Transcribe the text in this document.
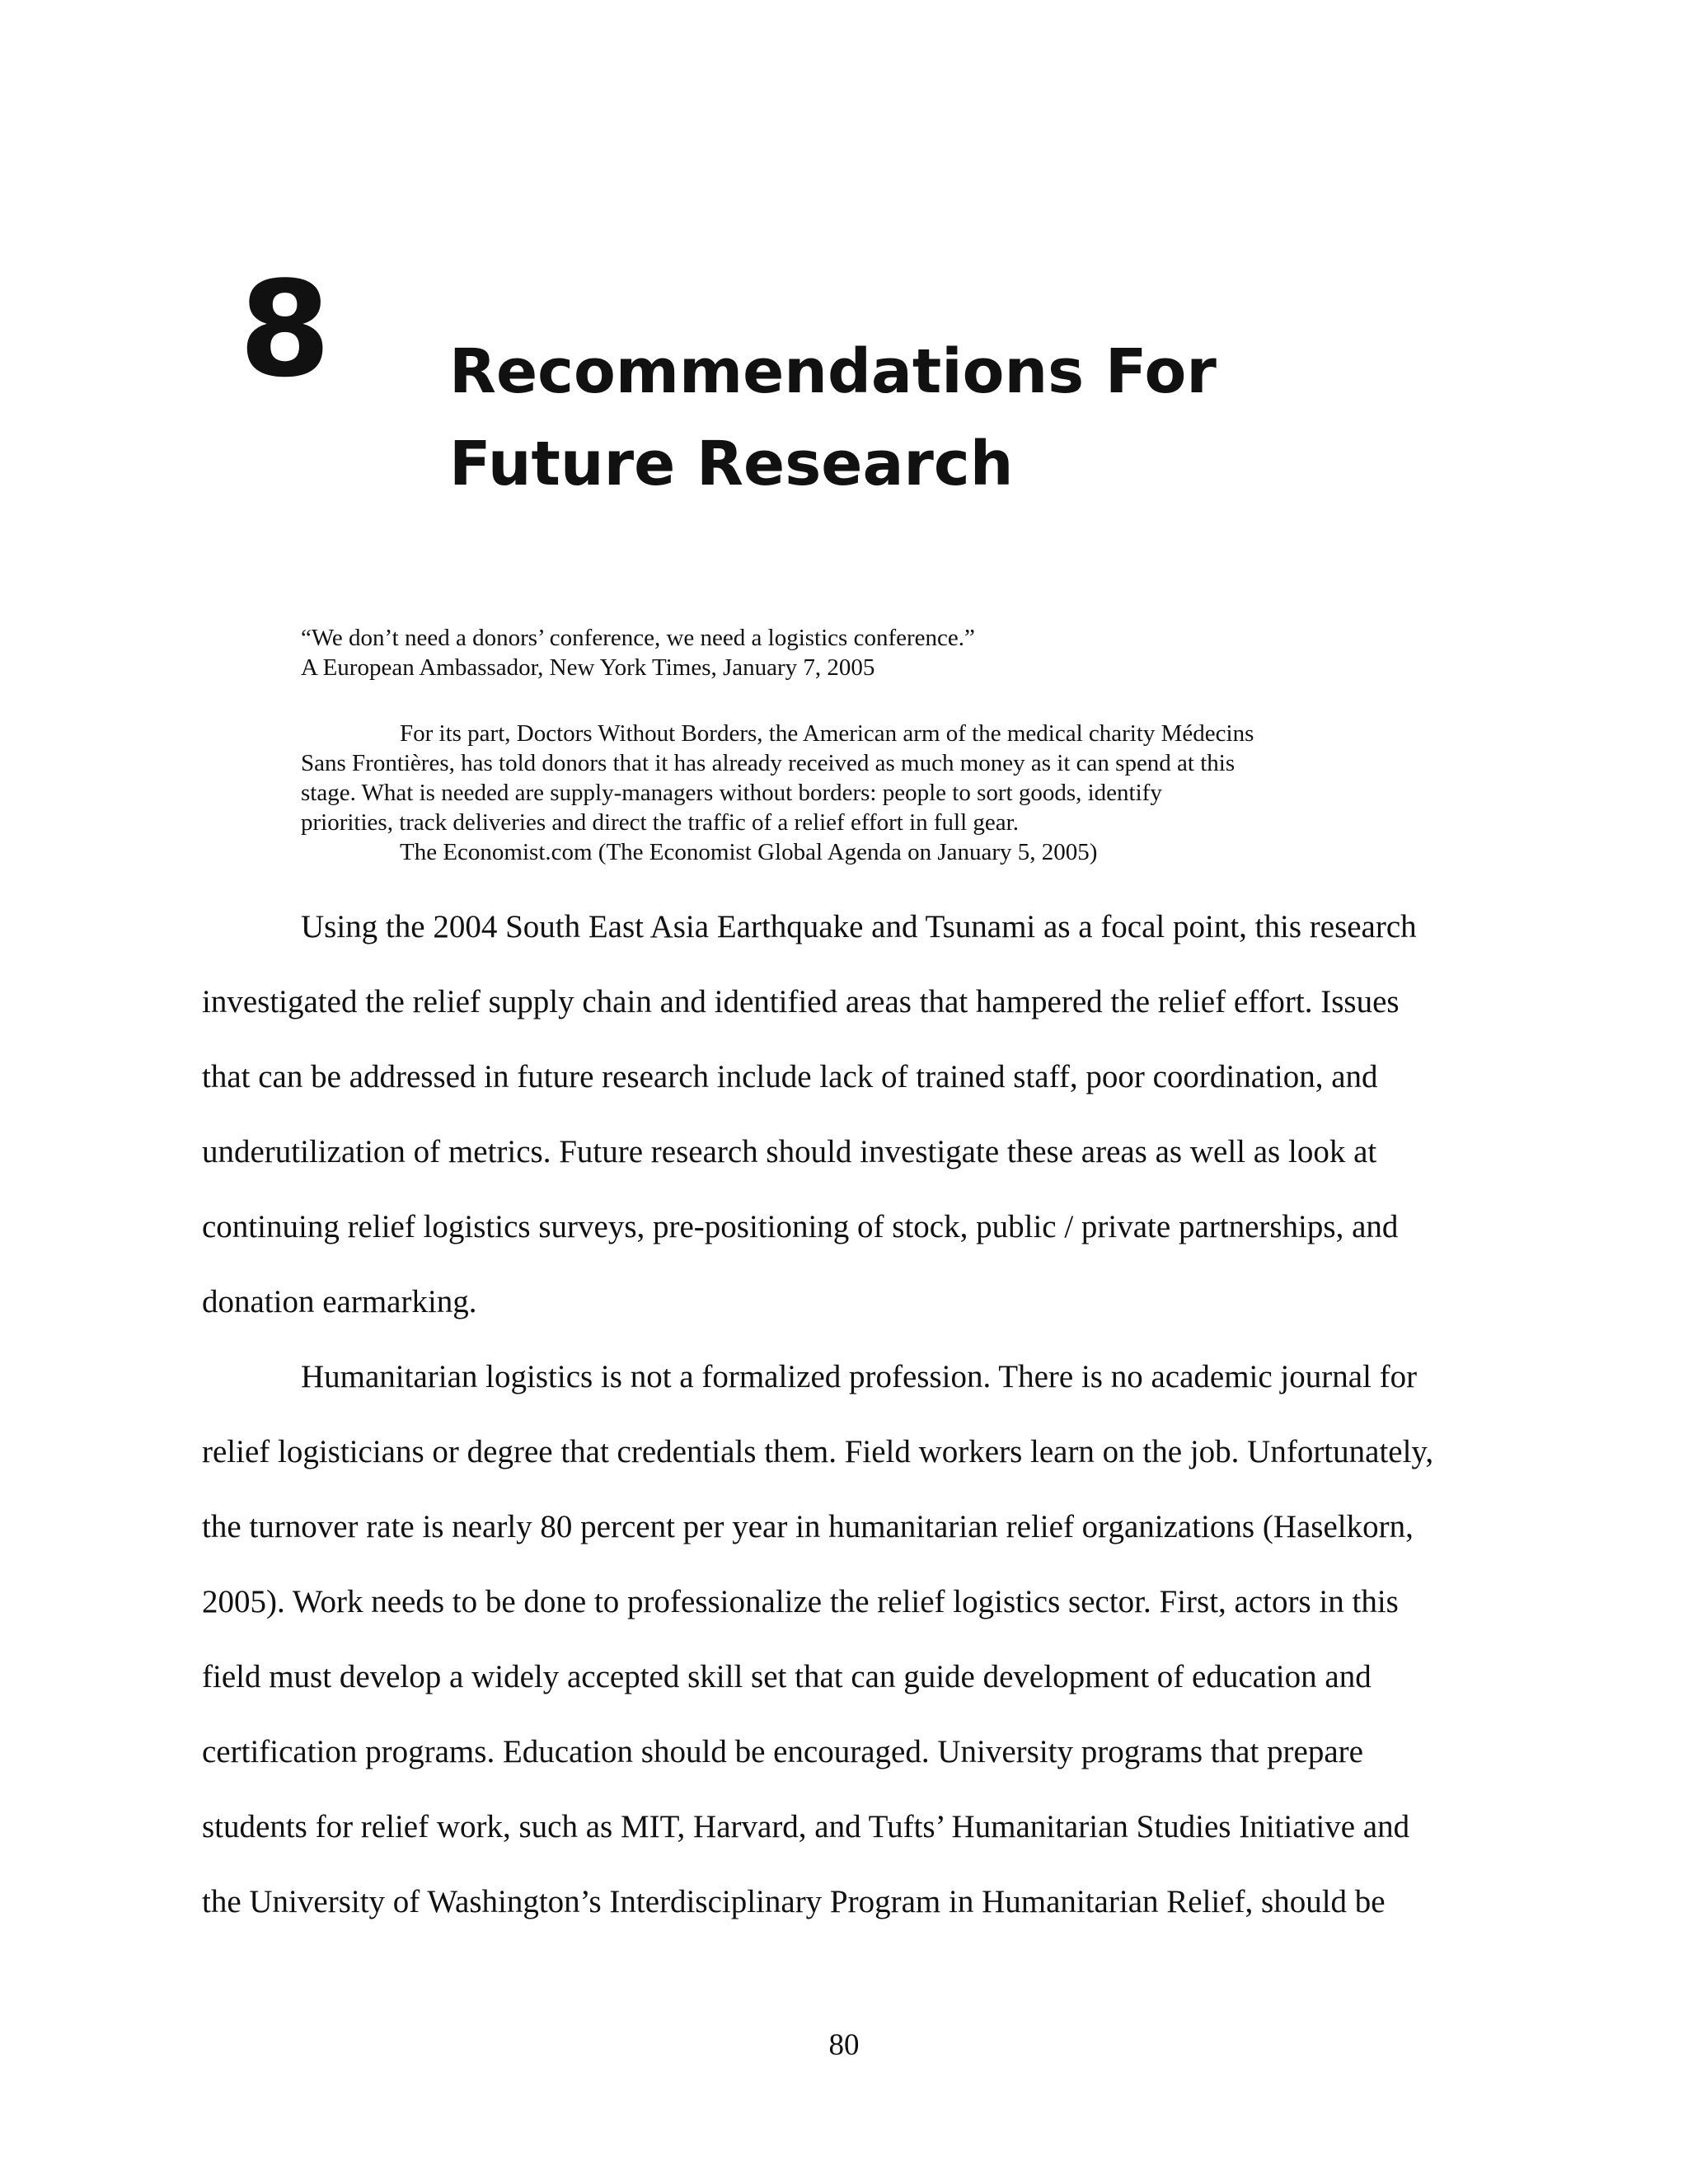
8 Recommendations For
Future Research
“We don’t need a donors’ conference, we need a logistics conference.”
A European Ambassador, New York Times, January 7, 2005
For its part, Doctors Without Borders, the American arm of the medical charity Médecins
Sans Frontières, has told donors that it has already received as much money as it can spend at this
stage. What is needed are supply-managers without borders: people to sort goods, identify
priorities, track deliveries and direct the traffic of a relief effort in full gear.
The Economist.com (The Economist Global Agenda on January 5, 2005)
Using the 2004 South East Asia Earthquake and Tsunami as a focal point, this research
investigated the relief supply chain and identified areas that hampered the relief effort. Issues
that can be addressed in future research include lack of trained staff, poor coordination, and
underutilization of metrics. Future research should investigate these areas as well as look at
continuing relief logistics surveys, pre-positioning of stock, public / private partnerships, and
donation earmarking.
Humanitarian logistics is not a formalized profession. There is no academic journal for
relief logisticians or degree that credentials them. Field workers learn on the job. Unfortunately,
the turnover rate is nearly 80 percent per year in humanitarian relief organizations (Haselkorn,
2005). Work needs to be done to professionalize the relief logistics sector. First, actors in this
field must develop a widely accepted skill set that can guide development of education and
certification programs. Education should be encouraged. University programs that prepare
students for relief work, such as MIT, Harvard, and Tufts’ Humanitarian Studies Initiative and
the University of Washington’s Interdisciplinary Program in Humanitarian Relief, should be
80
